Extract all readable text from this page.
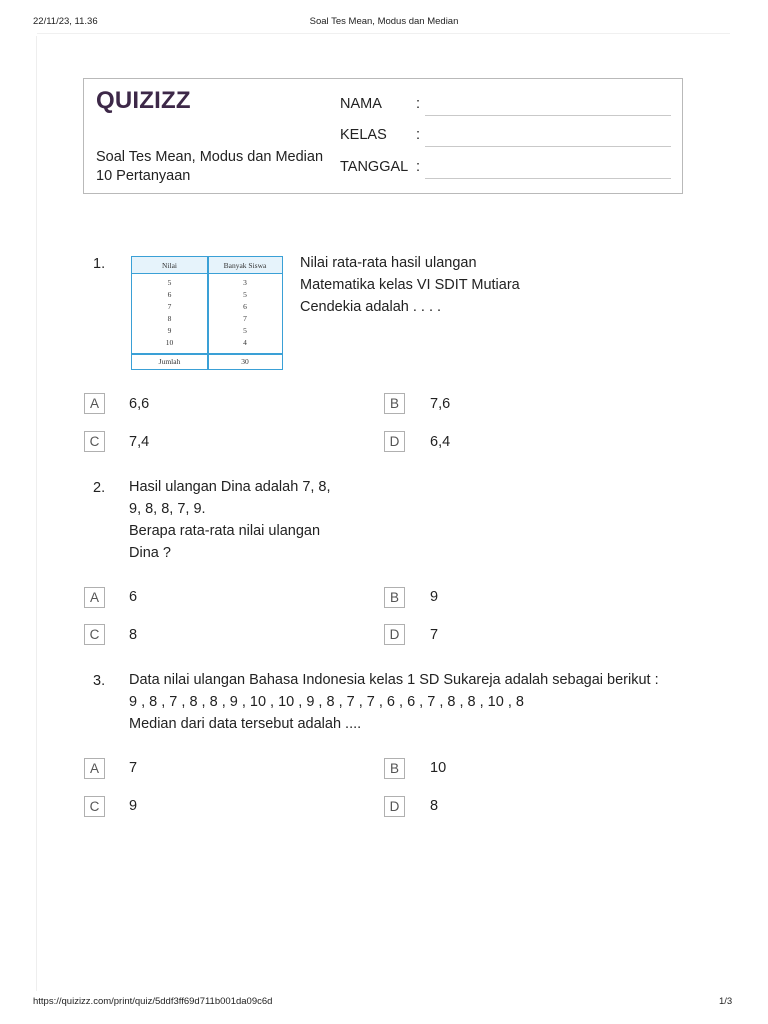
22/11/23, 11.36	Soal Tes Mean, Modus dan Median
QUIZIZZ
Soal Tes Mean, Modus dan Median
10 Pertanyaan
NAMA :
KELAS :
TANGGAL :
1.	Nilai	Banyak Siswa
5	3
6	5
7	6
8	7
9	5
10	4
Jumlah	30
Nilai rata-rata hasil ulangan
Matematika kelas VI SDIT Mutiara
Cendekia adalah . . . .
A	6,6	B	7,6
C	7,4	D	6,4
2. Hasil ulangan Dina adalah 7, 8,
9, 8, 8, 7, 9.
Berapa rata-rata nilai ulangan
Dina ?
A	6	B	9
C	8	D	7
3. Data nilai ulangan Bahasa Indonesia kelas 1 SD Sukareja adalah sebagai berikut :
9 , 8 , 7 , 8 , 8 , 9 , 10 , 10 , 9 , 8 , 7 , 7 , 6 , 6 , 7 , 8 , 8 , 10 , 8
Median dari data tersebut adalah ....
A	7	B	10
C	9	D	8
https://quizizz.com/print/quiz/5ddf3ff69d711b001da09c6d	1/3
